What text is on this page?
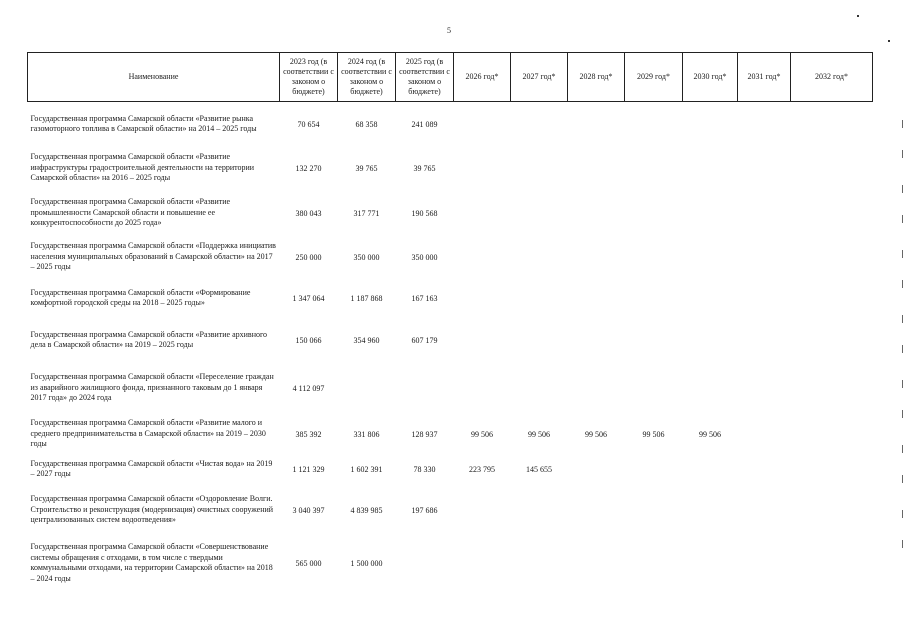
5
Наименование	2023 год (в соответствии с законом о бюджете)	2024 год (в соответствии с законом о бюджете)	2025 год (в соответствии с законом о бюджете)	2026 год*	2027 год*	2028 год*	2029 год*	2030 год*	2031 год*	2032 год*
Государственная программа Самарской области «Развитие рынка газомоторного топлива в Самарской области» на 2014 – 2025 годы	70 654	68 358	241 089							
Государственная программа Самарской области «Развитие инфраструктуры градостроительной деятельности на территории Самарской области» на 2016 – 2025 годы	132 270	39 765	39 765							
Государственная программа Самарской области «Развитие промышленности Самарской области и повышение ее конкурентоспособности до 2025 года»	380 043	317 771	190 568							
Государственная программа Самарской области «Поддержка инициатив населения муниципальных образований в Самарской области» на 2017 – 2025 годы	250 000	350 000	350 000							
Государственная программа Самарской области «Формирование комфортной городской среды на 2018 – 2025 годы»	1 347 064	1 187 868	167 163							
Государственная программа Самарской области «Развитие архивного дела в Самарской области» на 2019 – 2025 годы	150 066	354 960	607 179							
Государственная программа Самарской области «Переселение граждан из аварийного жилищного фонда, признанного таковым до 1 января 2017 года» до 2024 года	4 112 097									
Государственная программа Самарской области «Развитие малого и среднего предпринимательства в Самарской области» на 2019 – 2030 годы	385 392	331 806	128 937	99 506	99 506	99 506	99 506	99 506		
Государственная программа Самарской области «Чистая вода» на 2019 – 2027 годы	1 121 329	1 602 391	78 330	223 795	145 655					
Государственная программа Самарской области «Оздоровление Волги. Строительство и реконструкция (модернизация) очистных сооружений централизованных систем водоотведения»	3 040 397	4 839 985	197 686							
Государственная программа Самарской области «Совершенствование системы обращения с отходами, в том числе с твердыми коммунальными отходами, на территории Самарской области» на 2018 – 2024 годы	565 000	1 500 000								
